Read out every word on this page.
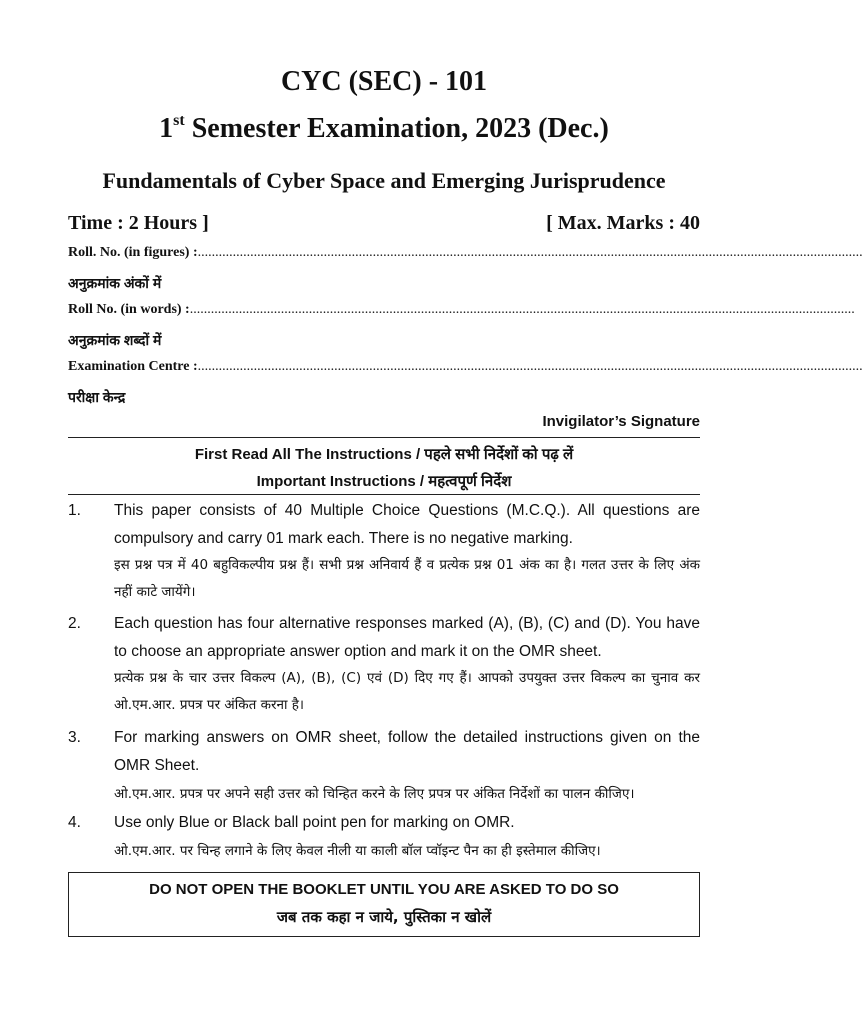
CYC (SEC) - 101
1st Semester Examination, 2023 (Dec.)
Fundamentals of Cyber Space and Emerging Jurisprudence
Time : 2 Hours ]	[ Max. Marks : 40
Roll. No. (in figures) : ..............................................................................................................................................................................................
अनुक्रमांक अंकों में
Roll No. (in words) : ..............................................................................................................................................................................................
अनुक्रमांक शब्दों में
Examination Centre : ..............................................................................................................................................................................................
परीक्षा केन्द्र
Invigilator’s Signature
First Read All The Instructions / पहले सभी निर्देशों को पढ़ लें
Important Instructions / महत्वपूर्ण निर्देश
1. This paper consists of 40 Multiple Choice Questions (M.C.Q.). All questions are compulsory and carry 01 mark each. There is no negative marking.
इस प्रश्न पत्र में 40 बहुविकल्पीय प्रश्न हैं। सभी प्रश्न अनिवार्य हैं व प्रत्येक प्रश्न 01 अंक का है। गलत उत्तर के लिए अंक नहीं काटे जायेंगे।
2. Each question has four alternative responses marked (A), (B), (C) and (D). You have to choose an appropriate answer option and mark it on the OMR sheet.
प्रत्येक प्रश्न के चार उत्तर विकल्प (A), (B), (C) एवं (D) दिए गए हैं। आपको उपयुक्त उत्तर विकल्प का चुनाव कर ओ.एम.आर. प्रपत्र पर अंकित करना है।
3. For marking answers on OMR sheet, follow the detailed instructions given on the OMR Sheet.
ओ.एम.आर. प्रपत्र पर अपने सही उत्तर को चिन्हित करने के लिए प्रपत्र पर अंकित निर्देशों का पालन कीजिए।
4. Use only Blue or Black ball point pen for marking on OMR.
ओ.एम.आर. पर चिन्ह लगाने के लिए केवल नीली या काली बॉल प्वॉइन्ट पैन का ही इस्तेमाल कीजिए।
DO NOT OPEN THE BOOKLET UNTIL YOU ARE ASKED TO DO SO
जब तक कहा न जाये, पुस्तिका न खोलें
